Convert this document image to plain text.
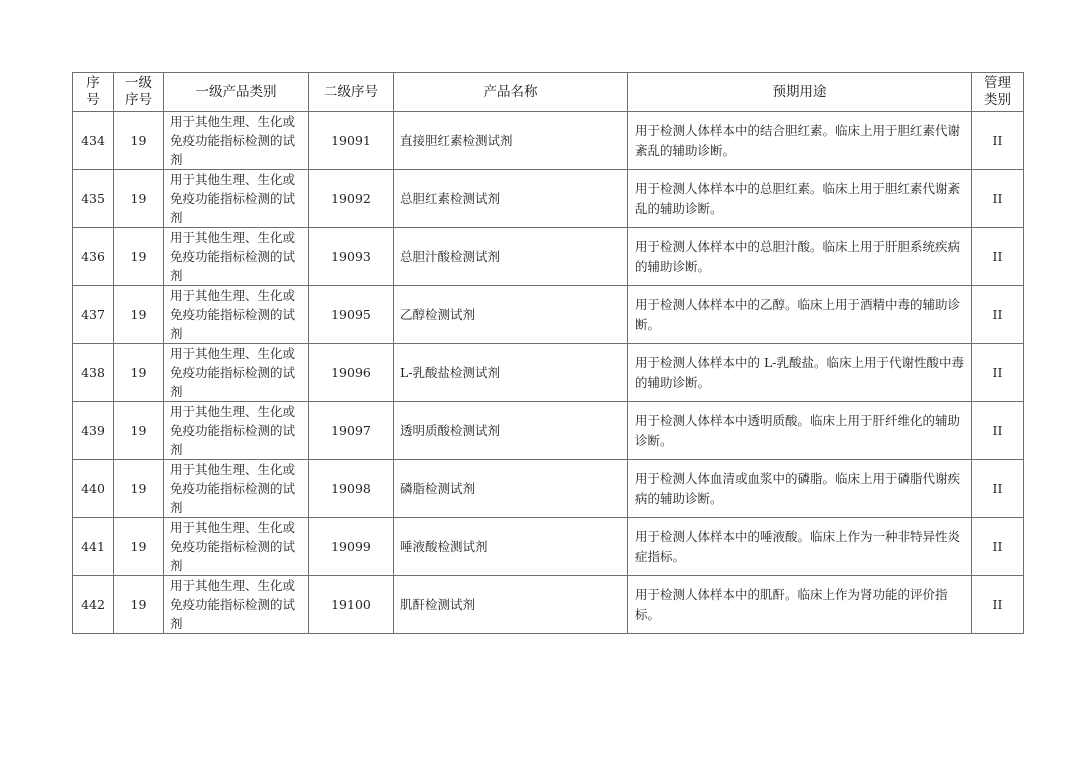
序号	一级序号	一级产品类别	二级序号	产品名称	预期用途	管理类别
434	19	用于其他生理、生化或免疫功能指标检测的试剂	19091	直接胆红素检测试剂	用于检测人体样本中的结合胆红素。临床上用于胆红素代谢紊乱的辅助诊断。	II
435	19	用于其他生理、生化或免疫功能指标检测的试剂	19092	总胆红素检测试剂	用于检测人体样本中的总胆红素。临床上用于胆红素代谢紊乱的辅助诊断。	II
436	19	用于其他生理、生化或免疫功能指标检测的试剂	19093	总胆汁酸检测试剂	用于检测人体样本中的总胆汁酸。临床上用于肝胆系统疾病的辅助诊断。	II
437	19	用于其他生理、生化或免疫功能指标检测的试剂	19095	乙醇检测试剂	用于检测人体样本中的乙醇。临床上用于酒精中毒的辅助诊断。	II
438	19	用于其他生理、生化或免疫功能指标检测的试剂	19096	L-乳酸盐检测试剂	用于检测人体样本中的 L-乳酸盐。临床上用于代谢性酸中毒的辅助诊断。	II
439	19	用于其他生理、生化或免疫功能指标检测的试剂	19097	透明质酸检测试剂	用于检测人体样本中透明质酸。临床上用于肝纤维化的辅助诊断。	II
440	19	用于其他生理、生化或免疫功能指标检测的试剂	19098	磷脂检测试剂	用于检测人体血清或血浆中的磷脂。临床上用于磷脂代谢疾病的辅助诊断。	II
441	19	用于其他生理、生化或免疫功能指标检测的试剂	19099	唾液酸检测试剂	用于检测人体样本中的唾液酸。临床上作为一种非特异性炎症指标。	II
442	19	用于其他生理、生化或免疫功能指标检测的试剂	19100	肌酐检测试剂	用于检测人体样本中的肌酐。临床上作为肾功能的评价指标。	II
